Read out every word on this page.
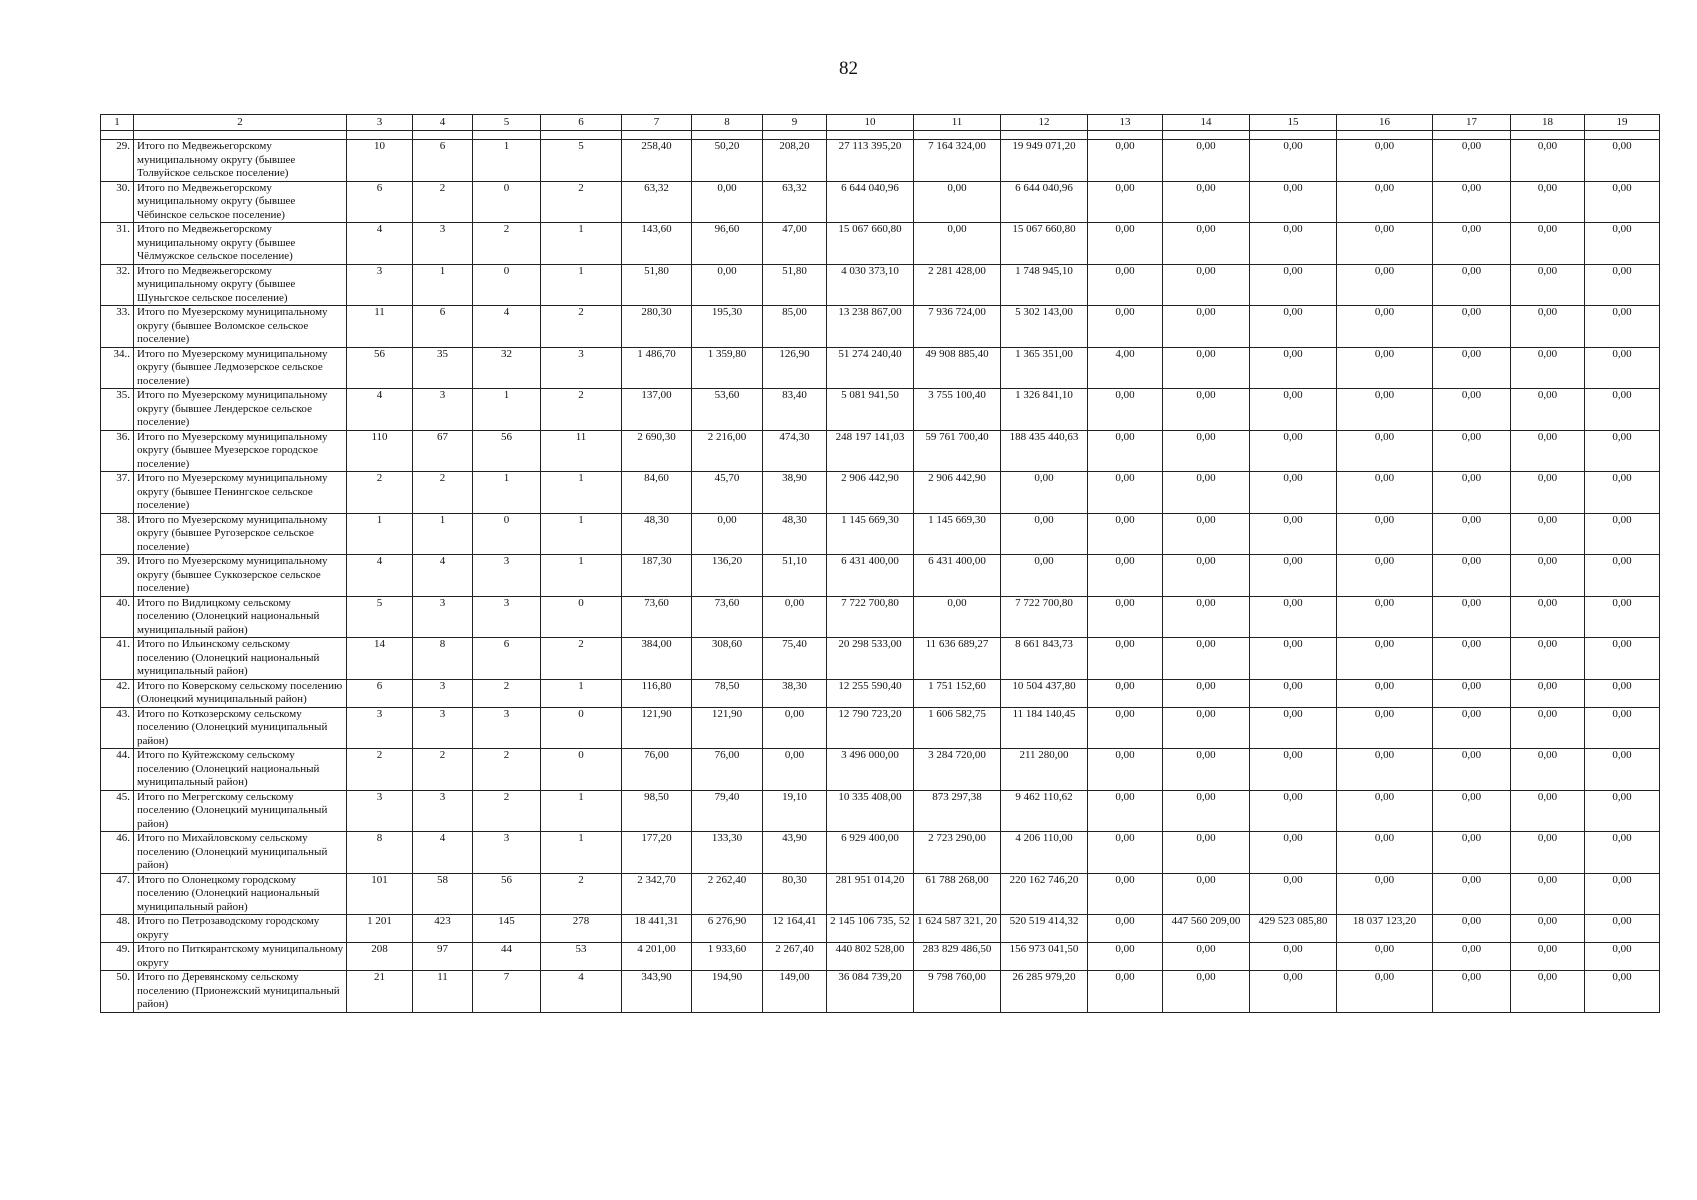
82
1	2	3	4	5	6	7	8	9	10	11	12	13	14	15	16	17	18	19

29.	Итого по Медвежьегорскому муниципальному округу (бывшее Толвуйское сельское поселение)	10	6	1	5	258,40	50,20	208,20	27 113 395,20	7 164 324,00	19 949 071,20	0,00	0,00	0,00	0,00	0,00	0,00	0,00
30.	Итого по Медвежьегорскому муниципальному округу (бывшее Чёбинское сельское поселение)	6	2	0	2	63,32	0,00	63,32	6 644 040,96	0,00	6 644 040,96	0,00	0,00	0,00	0,00	0,00	0,00	0,00
31.	Итого по Медвежьегорскому муниципальному округу (бывшее Чёлмужское сельское поселение)	4	3	2	1	143,60	96,60	47,00	15 067 660,80	0,00	15 067 660,80	0,00	0,00	0,00	0,00	0,00	0,00	0,00
32.	Итого по Медвежьегорскому муниципальному округу (бывшее Шуньгское сельское поселение)	3	1	0	1	51,80	0,00	51,80	4 030 373,10	2 281 428,00	1 748 945,10	0,00	0,00	0,00	0,00	0,00	0,00	0,00
33.	Итого по Муезерскому муниципальному округу (бывшее Воломское сельское поселение)	11	6	4	2	280,30	195,30	85,00	13 238 867,00	7 936 724,00	5 302 143,00	0,00	0,00	0,00	0,00	0,00	0,00	0,00
34..	Итого по Муезерскому муниципальному округу (бывшее Ледмозерское сельское поселение)	56	35	32	3	1 486,70	1 359,80	126,90	51 274 240,40	49 908 885,40	1 365 351,00	4,00	0,00	0,00	0,00	0,00	0,00	0,00
35.	Итого по Муезерскому муниципальному округу (бывшее Лендерское сельское поселение)	4	3	1	2	137,00	53,60	83,40	5 081 941,50	3 755 100,40	1 326 841,10	0,00	0,00	0,00	0,00	0,00	0,00	0,00
36.	Итого по Муезерскому муниципальному округу (бывшее Муезерское городское поселение)	110	67	56	11	2 690,30	2 216,00	474,30	248 197 141,03	59 761 700,40	188 435 440,63	0,00	0,00	0,00	0,00	0,00	0,00	0,00
37.	Итого по Муезерскому муниципальному округу (бывшее Пенингское сельское поселение)	2	2	1	1	84,60	45,70	38,90	2 906 442,90	2 906 442,90	0,00	0,00	0,00	0,00	0,00	0,00	0,00	0,00
38.	Итого по Муезерскому муниципальному округу (бывшее Ругозерское сельское поселение)	1	1	0	1	48,30	0,00	48,30	1 145 669,30	1 145 669,30	0,00	0,00	0,00	0,00	0,00	0,00	0,00	0,00
39.	Итого по Муезерскому муниципальному округу (бывшее Суккозерское сельское поселение)	4	4	3	1	187,30	136,20	51,10	6 431 400,00	6 431 400,00	0,00	0,00	0,00	0,00	0,00	0,00	0,00	0,00
40.	Итого по Видлицкому сельскому поселению (Олонецкий национальный муниципальный район)	5	3	3	0	73,60	73,60	0,00	7 722 700,80	0,00	7 722 700,80	0,00	0,00	0,00	0,00	0,00	0,00	0,00
41.	Итого по Ильинскому сельскому поселению (Олонецкий национальный муниципальный район)	14	8	6	2	384,00	308,60	75,40	20 298 533,00	11 636 689,27	8 661 843,73	0,00	0,00	0,00	0,00	0,00	0,00	0,00
42.	Итого по Коверскому сельскому поселению (Олонецкий муниципальный район)	6	3	2	1	116,80	78,50	38,30	12 255 590,40	1 751 152,60	10 504 437,80	0,00	0,00	0,00	0,00	0,00	0,00	0,00
43.	Итого по Коткозерскому сельскому поселению (Олонецкий муниципальный район)	3	3	3	0	121,90	121,90	0,00	12 790 723,20	1 606 582,75	11 184 140,45	0,00	0,00	0,00	0,00	0,00	0,00	0,00
44.	Итого по Куйтежскому сельскому поселению (Олонецкий национальный муниципальный район)	2	2	2	0	76,00	76,00	0,00	3 496 000,00	3 284 720,00	211 280,00	0,00	0,00	0,00	0,00	0,00	0,00	0,00
45.	Итого по Мегрегскому сельскому поселению (Олонецкий муниципальный район)	3	3	2	1	98,50	79,40	19,10	10 335 408,00	873 297,38	9 462 110,62	0,00	0,00	0,00	0,00	0,00	0,00	0,00
46.	Итого по Михайловскому сельскому поселению (Олонецкий муниципальный район)	8	4	3	1	177,20	133,30	43,90	6 929 400,00	2 723 290,00	4 206 110,00	0,00	0,00	0,00	0,00	0,00	0,00	0,00
47.	Итого по Олонецкому городскому поселению (Олонецкий национальный муниципальный район)	101	58	56	2	2 342,70	2 262,40	80,30	281 951 014,20	61 788 268,00	220 162 746,20	0,00	0,00	0,00	0,00	0,00	0,00	0,00
48.	Итого по Петрозаводскому городскому округу	1 201	423	145	278	18 441,31	6 276,90	12 164,41	2 145 106 735, 52	1 624 587 321, 20	520 519 414,32	0,00	447 560 209,00	429 523 085,80	18 037 123,20	0,00	0,00	0,00
49.	Итого по Питкярантскому муниципальному округу	208	97	44	53	4 201,00	1 933,60	2 267,40	440 802 528,00	283 829 486,50	156 973 041,50	0,00	0,00	0,00	0,00	0,00	0,00	0,00
50.	Итого по Деревянскому сельскому поселению (Прионежский муниципальный район)	21	11	7	4	343,90	194,90	149,00	36 084 739,20	9 798 760,00	26 285 979,20	0,00	0,00	0,00	0,00	0,00	0,00	0,00
